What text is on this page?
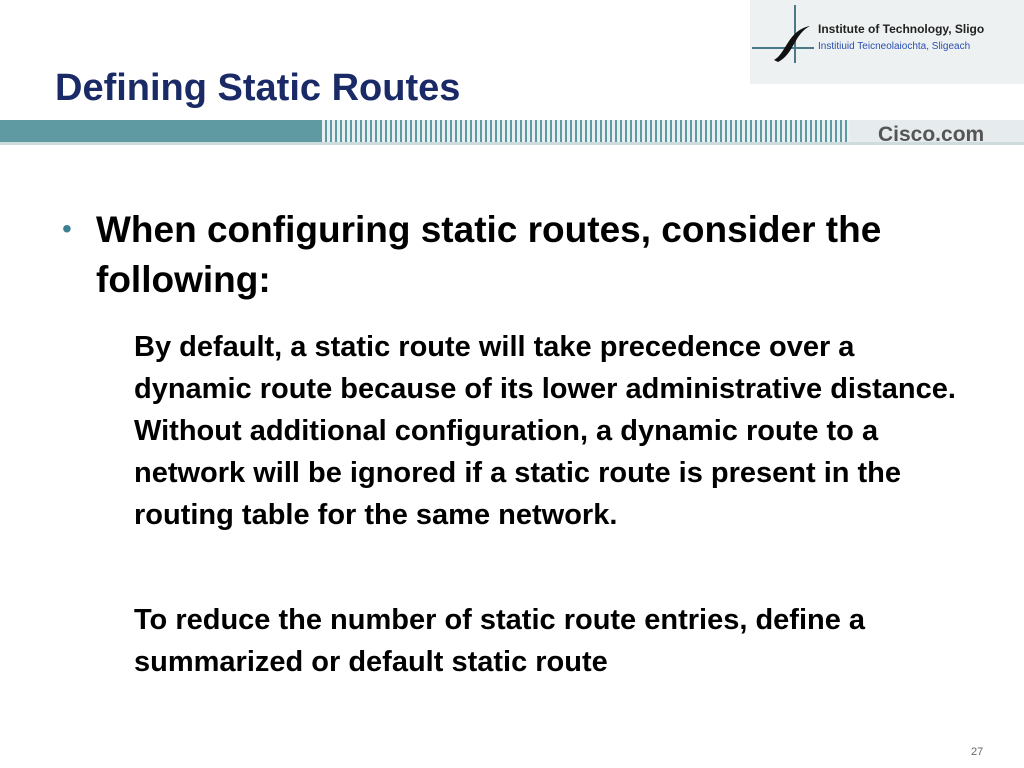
Institute of Technology, Sligo
Institiuid Teicneolaiochta, Sligeach
Defining Static Routes
Cisco.com
• When configuring static routes, consider the following:
By default, a static route will take precedence over a dynamic route because of its lower administrative distance. Without additional configuration, a dynamic route to a network will be ignored if a static route is present in the routing table for the same network.
To reduce the number of static route entries, define a summarized or default static route
27
